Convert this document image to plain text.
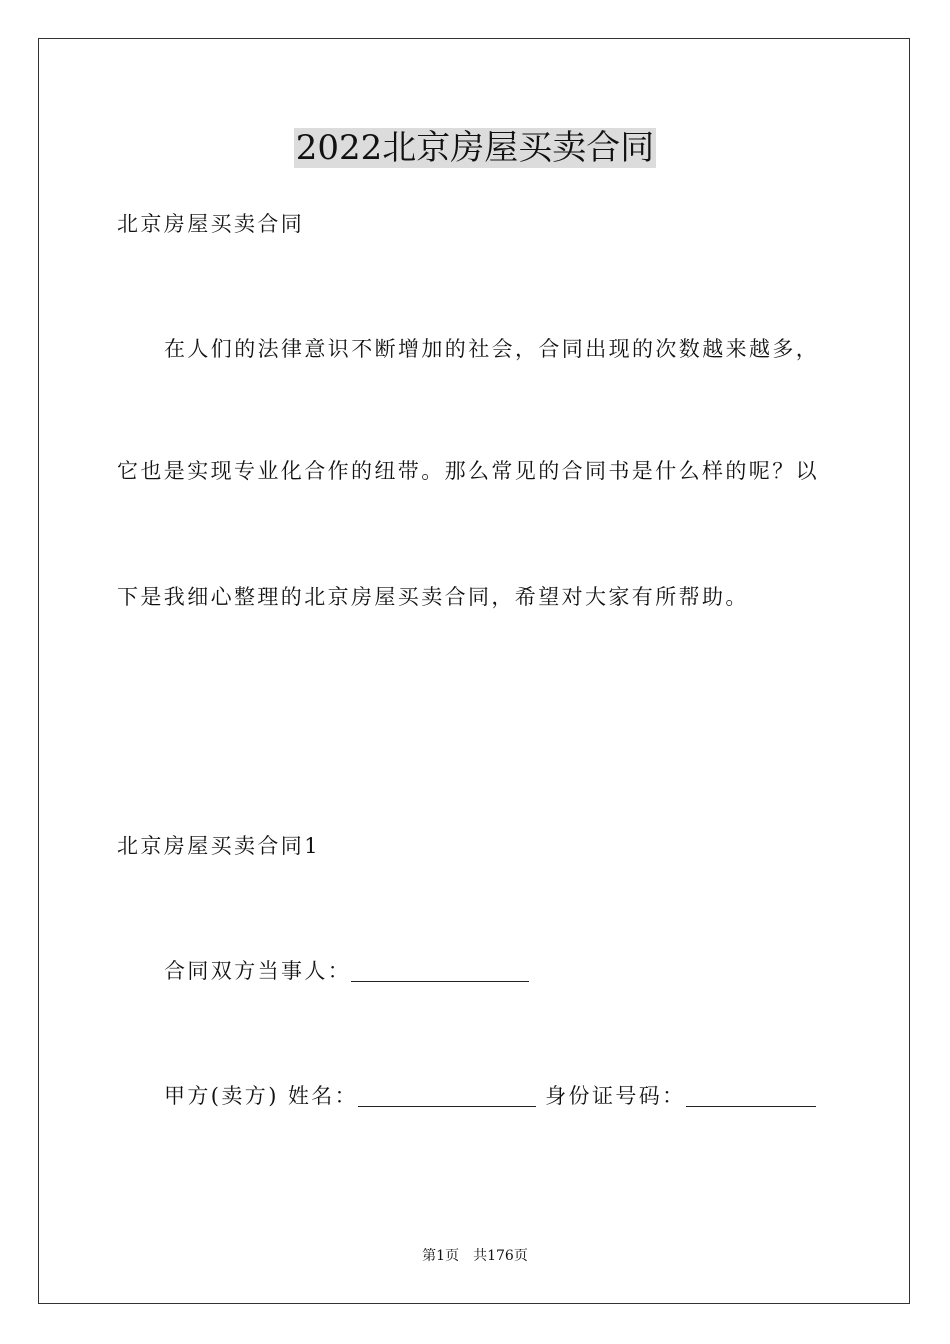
2022北京房屋买卖合同

北京房屋买卖合同

在人们的法律意识不断增加的社会，合同出现的次数越来越多，

它也是实现专业化合作的纽带。那么常见的合同书是什么样的呢？以

下是我细心整理的北京房屋买卖合同，希望对大家有所帮助。

北京房屋买卖合同1

合同双方当事人：

甲方(卖方) 姓名：	身份证号码：

第1页 共176页
